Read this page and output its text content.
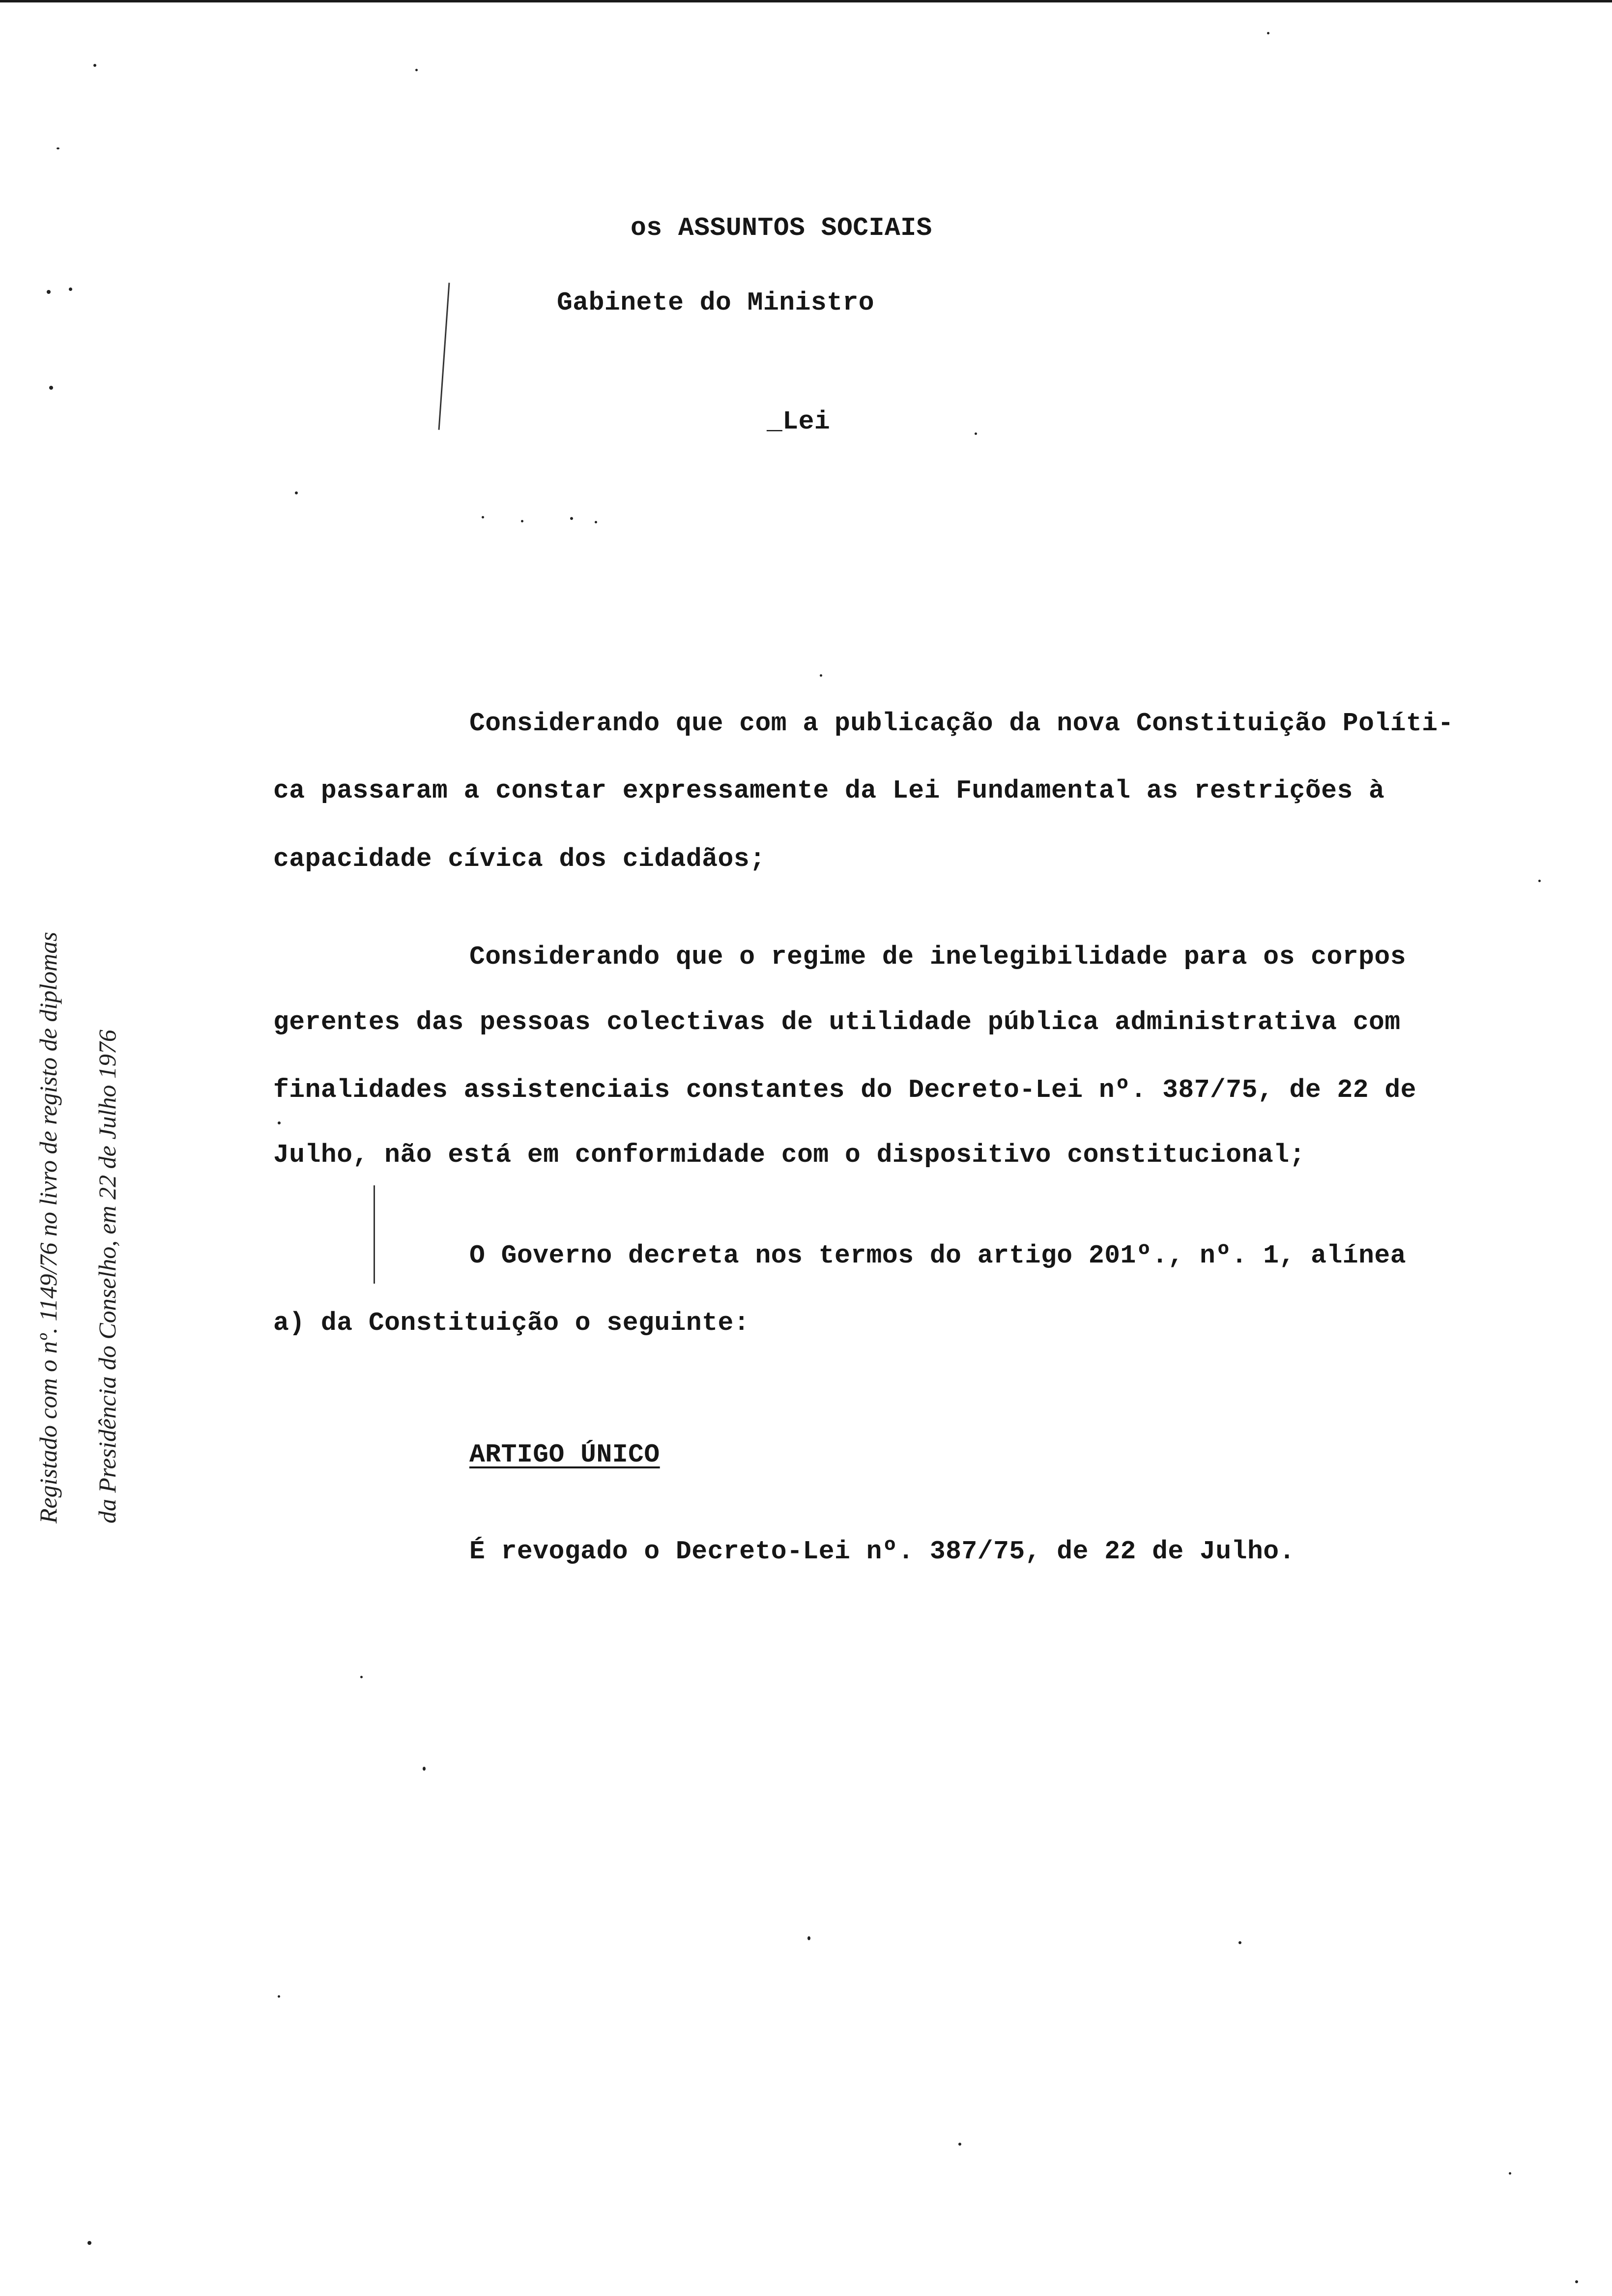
os ASSUNTOS SOCIAIS
Gabinete do Ministro
_Lei
Considerando que com a publicação da nova Constituição Políti-
ca passaram a constar expressamente da Lei Fundamental as restrições à
capacidade cívica dos cidadãos;
Considerando que o regime de inelegibilidade para os corpos
gerentes das pessoas colectivas de utilidade pública administrativa com
finalidades assistenciais constantes do Decreto-Lei nº. 387/75, de 22 de
Julho, não está em conformidade com o dispositivo constitucional;
O Governo decreta nos termos do artigo 201º., nº. 1, alínea
a) da Constituição o seguinte:
ARTIGO ÚNICO
É revogado o Decreto-Lei nº. 387/75, de 22 de Julho.
Registado com o nº. 1149/76 no livro de registo de diplomas da Presidência do Conselho, em 22 de Julho 1976
